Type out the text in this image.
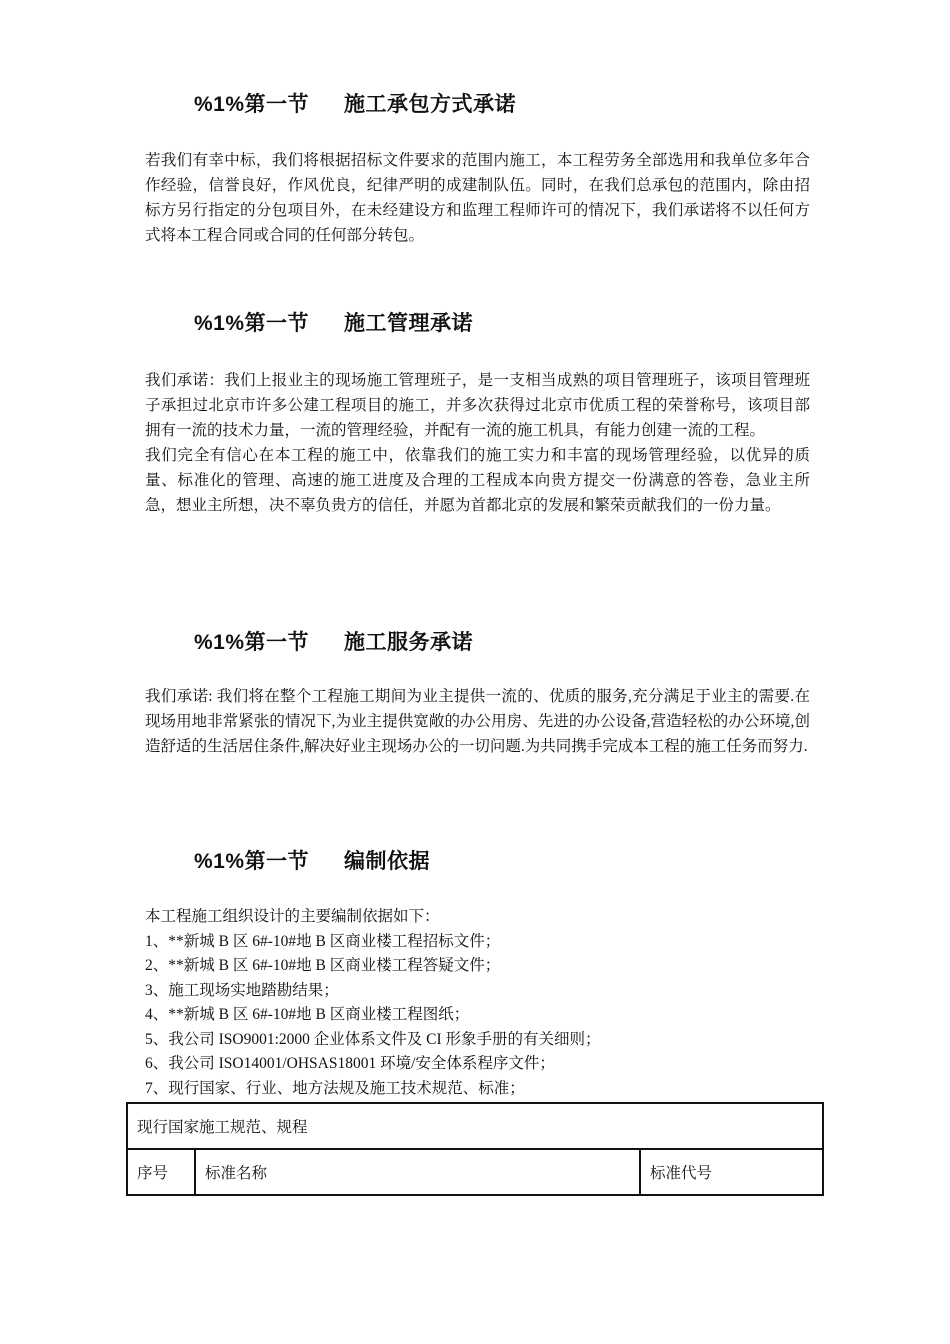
%1%第一节 施工承包方式承诺

若我们有幸中标，我们将根据招标文件要求的范围内施工，本工程劳务全部选用和我单位多年合作经验，信誉良好，作风优良，纪律严明的成建制队伍。同时，在我们总承包的范围内，除由招标方另行指定的分包项目外，在未经建设方和监理工程师许可的情况下，我们承诺将不以任何方式将本工程合同或合同的任何部分转包。

%1%第一节 施工管理承诺

我们承诺：我们上报业主的现场施工管理班子，是一支相当成熟的项目管理班子，该项目管理班子承担过北京市许多公建工程项目的施工，并多次获得过北京市优质工程的荣誉称号，该项目部拥有一流的技术力量，一流的管理经验，并配有一流的施工机具，有能力创建一流的工程。

我们完全有信心在本工程的施工中，依靠我们的施工实力和丰富的现场管理经验，以优异的质量、标准化的管理、高速的施工进度及合理的工程成本向贵方提交一份满意的答卷，急业主所急，想业主所想，决不辜负贵方的信任，并愿为首都北京的发展和繁荣贡献我们的一份力量。

%1%第一节 施工服务承诺

我们承诺: 我们将在整个工程施工期间为业主提供一流的、优质的服务,充分满足于业主的需要.在现场用地非常紧张的情况下,为业主提供宽敞的办公用房、先进的办公设备,营造轻松的办公环境,创造舒适的生活居住条件,解决好业主现场办公的一切问题.为共同携手完成本工程的施工任务而努力.

%1%第一节 编制依据
本工程施工组织设计的主要编制依据如下：
1、**新城 B 区 6#-10#地 B 区商业楼工程招标文件；
2、**新城 B 区 6#-10#地 B 区商业楼工程答疑文件；
3、施工现场实地踏勘结果；
4、**新城 B 区 6#-10#地 B 区商业楼工程图纸；
5、我公司 ISO9001:2000 企业体系文件及 CI 形象手册的有关细则；
6、我公司 ISO14001/OHSAS18001 环境/安全体系程序文件；
7、现行国家、行业、地方法规及施工技术规范、标准；
现行国家施工规范、规程
序号	标准名称	标准代号
